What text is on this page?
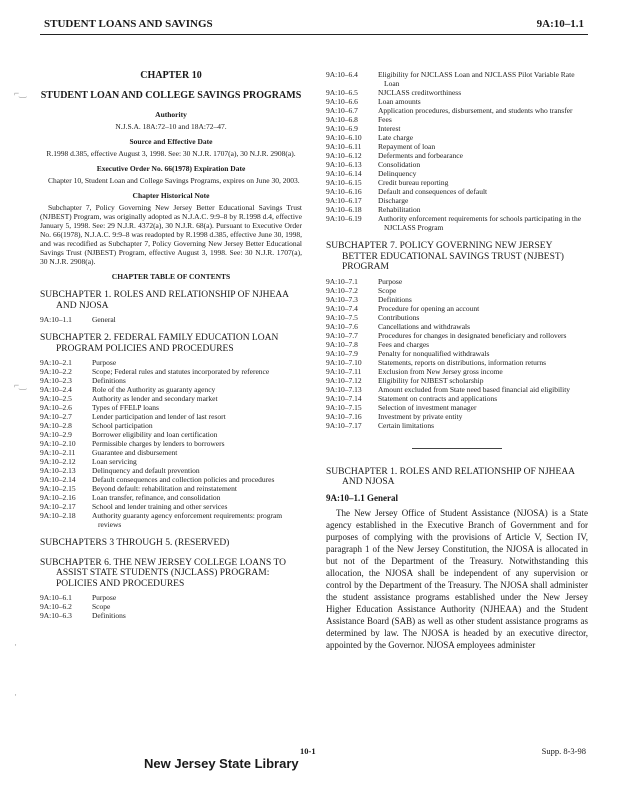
STUDENT LOANS AND SAVINGS	9A:10–1.1
⌐‿
⌐‿
·
·
CHAPTER 10
STUDENT LOAN AND COLLEGE SAVINGS PROGRAMS
Authority
N.J.S.A. 18A:72–10 and 18A:72–47.
Source and Effective Date
R.1998 d.385, effective August 3, 1998. See: 30 N.J.R. 1707(a), 30 N.J.R. 2908(a).
Executive Order No. 66(1978) Expiration Date
Chapter 10, Student Loan and College Savings Programs, expires on June 30, 2003.
Chapter Historical Note
Subchapter 7, Policy Governing New Jersey Better Educational Savings Trust (NJBEST) Program, was originally adopted as N.J.A.C. 9:9–8 by R.1998 d.4, effective January 5, 1998. See: 29 N.J.R. 4372(a), 30 N.J.R. 68(a). Pursuant to Executive Order No. 66(1978), N.J.A.C. 9:9–8 was readopted by R.1998 d.385, effective June 30, 1998, and was recodified as Subchapter 7, Policy Governing New Jersey Better Educational Savings Trust (NJBEST) Program, effective August 3, 1998. See: 30 N.J.R. 1707(a), 30 N.J.R. 2908(a).
CHAPTER TABLE OF CONTENTS
SUBCHAPTER 1. ROLES AND RELATIONSHIP OF NJHEAA AND NJOSA
9A:10–1.1	General
SUBCHAPTER 2. FEDERAL FAMILY EDUCATION LOAN PROGRAM POLICIES AND PROCEDURES
9A:10–2.1	Purpose
9A:10–2.2	Scope; Federal rules and statutes incorporated by reference
9A:10–2.3	Definitions
9A:10–2.4	Role of the Authority as guaranty agency
9A:10–2.5	Authority as lender and secondary market
9A:10–2.6	Types of FFELP loans
9A:10–2.7	Lender participation and lender of last resort
9A:10–2.8	School participation
9A:10–2.9	Borrower eligibility and loan certification
9A:10–2.10	Permissible charges by lenders to borrowers
9A:10–2.11	Guarantee and disbursement
9A:10–2.12	Loan servicing
9A:10–2.13	Delinquency and default prevention
9A:10–2.14	Default consequences and collection policies and procedures
9A:10–2.15	Beyond default: rehabilitation and reinstatement
9A:10–2.16	Loan transfer, refinance, and consolidation
9A:10–2.17	School and lender training and other services
9A:10–2.18	Authority guaranty agency enforcement requirements: program reviews
SUBCHAPTERS 3 THROUGH 5. (RESERVED)
SUBCHAPTER 6. THE NEW JERSEY COLLEGE LOANS TO ASSIST STATE STUDENTS (NJCLASS) PROGRAM: POLICIES AND PROCEDURES
9A:10–6.1	Purpose
9A:10–6.2	Scope
9A:10–6.3	Definitions
9A:10–6.4	Eligibility for NJCLASS Loan and NJCLASS Pilot Variable Rate Loan
9A:10–6.5	NJCLASS creditworthiness
9A:10–6.6	Loan amounts
9A:10–6.7	Application procedures, disbursement, and students who transfer
9A:10–6.8	Fees
9A:10–6.9	Interest
9A:10–6.10	Late charge
9A:10–6.11	Repayment of loan
9A:10–6.12	Deferments and forbearance
9A:10–6.13	Consolidation
9A:10–6.14	Delinquency
9A:10–6.15	Credit bureau reporting
9A:10–6.16	Default and consequences of default
9A:10–6.17	Discharge
9A:10–6.18	Rehabilitation
9A:10–6.19	Authority enforcement requirements for schools participating in the NJCLASS Program
SUBCHAPTER 7. POLICY GOVERNING NEW JERSEY BETTER EDUCATIONAL SAVINGS TRUST (NJBEST) PROGRAM
9A:10–7.1	Purpose
9A:10–7.2	Scope
9A:10–7.3	Definitions
9A:10–7.4	Procedure for opening an account
9A:10–7.5	Contributions
9A:10–7.6	Cancellations and withdrawals
9A:10–7.7	Procedures for changes in designated beneficiary and rollovers
9A:10–7.8	Fees and charges
9A:10–7.9	Penalty for nonqualified withdrawals
9A:10–7.10	Statements, reports on distributions, information returns
9A:10–7.11	Exclusion from New Jersey gross income
9A:10–7.12	Eligibility for NJBEST scholarship
9A:10–7.13	Amount excluded from State need based financial aid eligibility
9A:10–7.14	Statement on contracts and applications
9A:10–7.15	Selection of investment manager
9A:10–7.16	Investment by private entity
9A:10–7.17	Certain limitations
SUBCHAPTER 1. ROLES AND RELATIONSHIP OF NJHEAA AND NJOSA
9A:10–1.1 General

The New Jersey Office of Student Assistance (NJOSA) is a State agency established in the Executive Branch of Government and for purposes of complying with the provisions of Article V, Section IV, paragraph 1 of the New Jersey Constitution, the NJOSA is allocated in but not of the Department of the Treasury. Notwithstanding this allocation, the NJOSA shall be independent of any supervision or control by the Department of the Treasury. The NJOSA shall administer the student assistance programs established under the New Jersey Higher Education Assistance Authority (NJHEAA) and the Student Assistance Board (SAB) as well as other student assistance programs as determined by law. The NJOSA is headed by an executive director, appointed by the Governor. NJOSA employees administer

New Jersey State Library
10-1	Supp. 8-3-98
